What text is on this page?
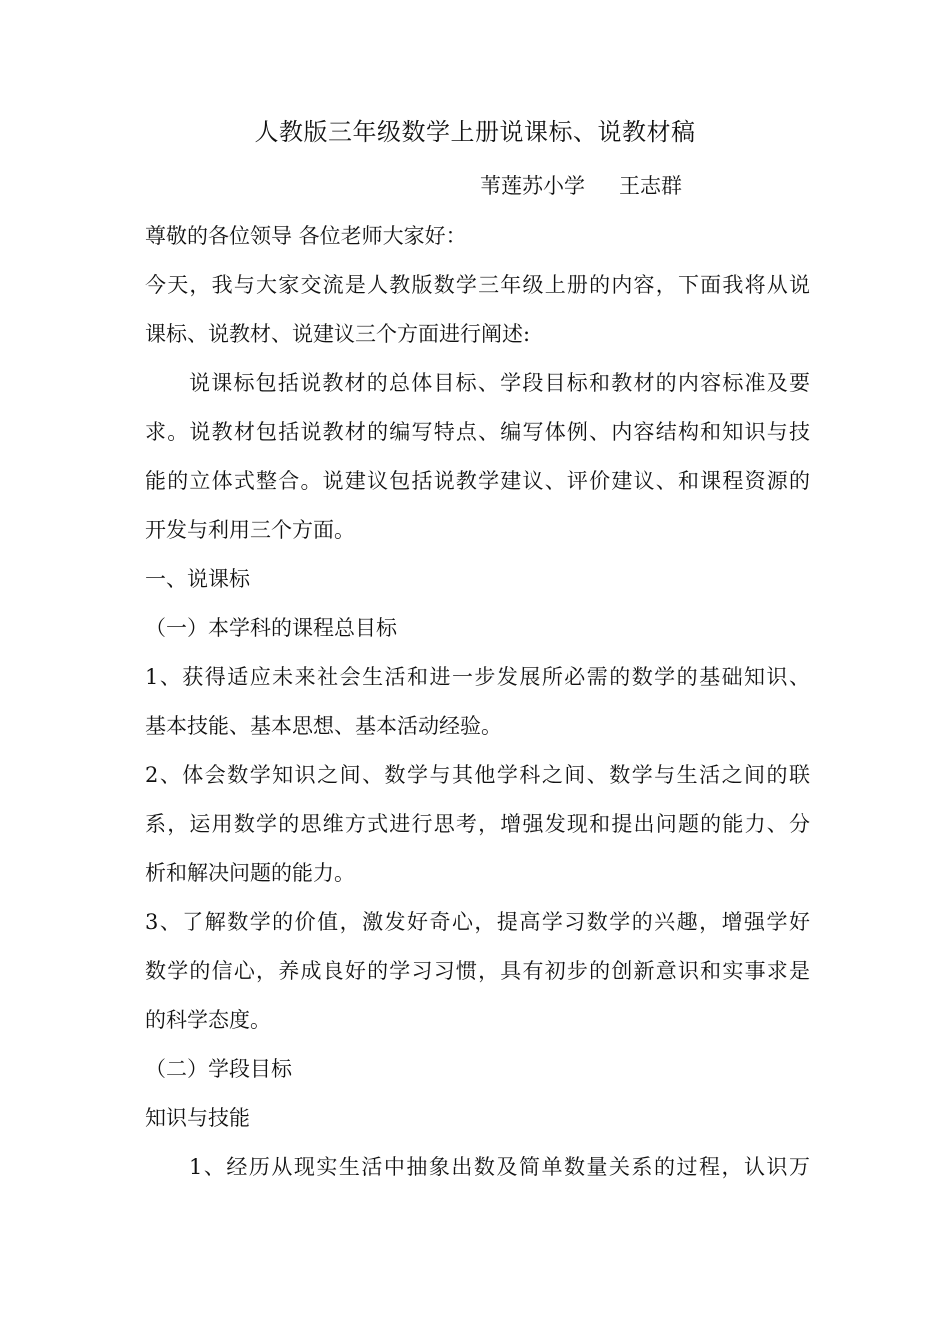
人教版三年级数学上册说课标、说教材稿
苇莲苏小学 王志群
尊敬的各位领导 各位老师大家好：
今天，我与大家交流是人教版数学三年级上册的内容，下面我将从说
课标、说教材、说建议三个方面进行阐述:
说课标包括说教材的总体目标、学段目标和教材的内容标准及要
求。说教材包括说教材的编写特点、编写体例、内容结构和知识与技
能的立体式整合。说建议包括说教学建议、评价建议、和课程资源的
开发与利用三个方面。
一、说课标
（一）本学科的课程总目标
1、获得适应未来社会生活和进一步发展所必需的数学的基础知识、
基本技能、基本思想、基本活动经验。
2、体会数学知识之间、数学与其他学科之间、数学与生活之间的联
系，运用数学的思维方式进行思考，增强发现和提出问题的能力、分
析和解决问题的能力。
3、了解数学的价值，激发好奇心，提高学习数学的兴趣，增强学好
数学的信心，养成良好的学习习惯，具有初步的创新意识和实事求是
的科学态度。
（二）学段目标
知识与技能
1、经历从现实生活中抽象出数及简单数量关系的过程，认识万
